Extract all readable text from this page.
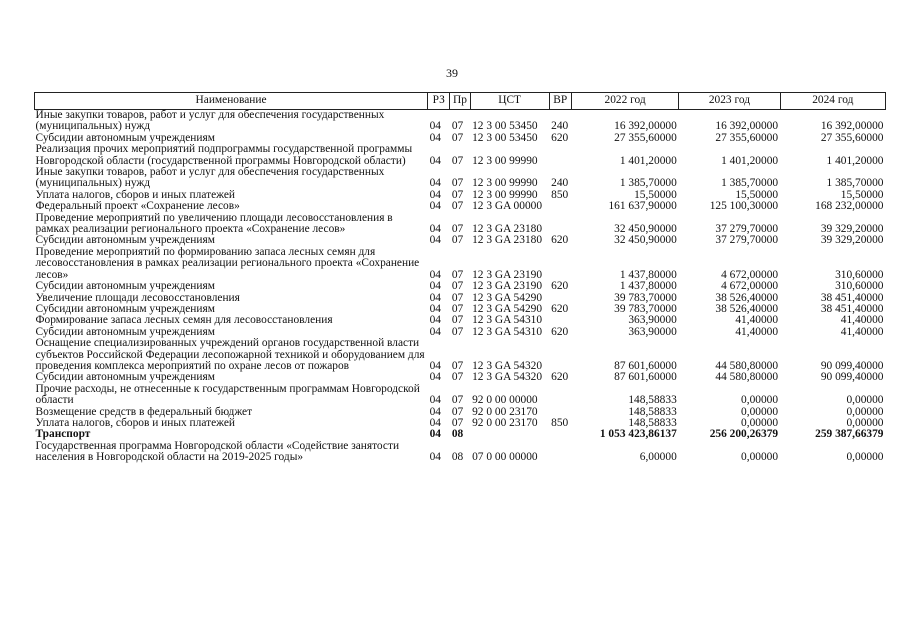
39
Наименование	РЗ	Пр	ЦСТ	ВР	2022 год	2023 год	2024 год
Иные закупки товаров, работ и услуг для обеспечения государственных (муниципальных) нужд	04	07	12 3 00 53450	240	16 392,00000	16 392,00000	16 392,00000
Субсидии автономным учреждениям	04	07	12 3 00 53450	620	27 355,60000	27 355,60000	27 355,60000
Реализация прочих мероприятий подпрограммы государственной программы Новгородской области (государственной программы Новгородской области)	04	07	12 3 00 99990		1 401,20000	1 401,20000	1 401,20000
Иные закупки товаров, работ и услуг для обеспечения государственных (муниципальных) нужд	04	07	12 3 00 99990	240	1 385,70000	1 385,70000	1 385,70000
Уплата налогов, сборов и иных платежей	04	07	12 3 00 99990	850	15,50000	15,50000	15,50000
Федеральный проект «Сохранение лесов»	04	07	12 3 GA 00000		161 637,90000	125 100,30000	168 232,00000
Проведение мероприятий по увеличению площади лесовосстановления в рамках реализации регионального проекта «Сохранение лесов»	04	07	12 3 GA 23180		32 450,90000	37 279,70000	39 329,20000
Субсидии автономным учреждениям	04	07	12 3 GA 23180	620	32 450,90000	37 279,70000	39 329,20000
Проведение мероприятий по формированию запаса лесных семян для лесовосстановления в рамках реализации регионального проекта «Сохранение лесов»	04	07	12 3 GA 23190		1 437,80000	4 672,00000	310,60000
Субсидии автономным учреждениям	04	07	12 3 GA 23190	620	1 437,80000	4 672,00000	310,60000
Увеличение площади лесовосстановления	04	07	12 3 GA 54290		39 783,70000	38 526,40000	38 451,40000
Субсидии автономным учреждениям	04	07	12 3 GA 54290	620	39 783,70000	38 526,40000	38 451,40000
Формирование запаса лесных семян для лесовосстановления	04	07	12 3 GA 54310		363,90000	41,40000	41,40000
Субсидии автономным учреждениям	04	07	12 3 GA 54310	620	363,90000	41,40000	41,40000
Оснащение специализированных учреждений органов государственной власти субъектов Российской Федерации лесопожарной техникой и оборудованием для проведения комплекса мероприятий по охране лесов от пожаров	04	07	12 3 GA 54320		87 601,60000	44 580,80000	90 099,40000
Субсидии автономным учреждениям	04	07	12 3 GA 54320	620	87 601,60000	44 580,80000	90 099,40000
Прочие расходы, не отнесенные к государственным программам Новгородской области	04	07	92 0 00 00000		148,58833	0,00000	0,00000
Возмещение средств в федеральный бюджет	04	07	92 0 00 23170		148,58833	0,00000	0,00000
Уплата налогов, сборов и иных платежей	04	07	92 0 00 23170	850	148,58833	0,00000	0,00000
Транспорт	04	08			1 053 423,86137	256 200,26379	259 387,66379
Государственная программа Новгородской области «Содействие занятости населения в Новгородской области на 2019-2025 годы»	04	08	07 0 00 00000		6,00000	0,00000	0,00000
